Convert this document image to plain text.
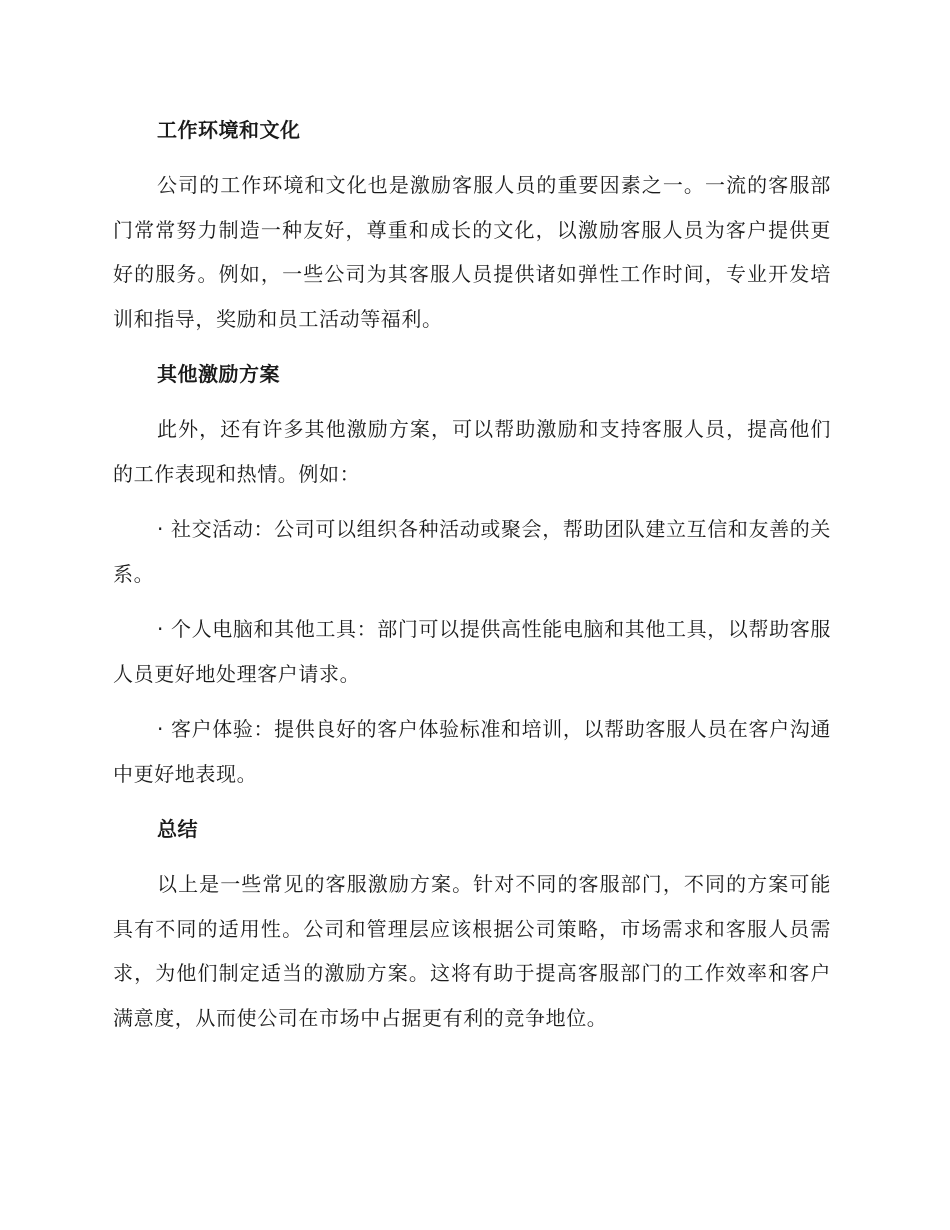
工作环境和文化

公司的工作环境和文化也是激励客服人员的重要因素之一。一流的客服部门常常努力制造一种友好，尊重和成长的文化，以激励客服人员为客户提供更好的服务。例如，一些公司为其客服人员提供诸如弹性工作时间，专业开发培训和指导，奖励和员工活动等福利。

其他激励方案

此外，还有许多其他激励方案，可以帮助激励和支持客服人员，提高他们的工作表现和热情。例如：

· 社交活动：公司可以组织各种活动或聚会，帮助团队建立互信和友善的关系。

· 个人电脑和其他工具：部门可以提供高性能电脑和其他工具，以帮助客服人员更好地处理客户请求。

· 客户体验：提供良好的客户体验标准和培训，以帮助客服人员在客户沟通中更好地表现。

总结

以上是一些常见的客服激励方案。针对不同的客服部门，不同的方案可能具有不同的适用性。公司和管理层应该根据公司策略，市场需求和客服人员需求，为他们制定适当的激励方案。这将有助于提高客服部门的工作效率和客户满意度，从而使公司在市场中占据更有利的竞争地位。
